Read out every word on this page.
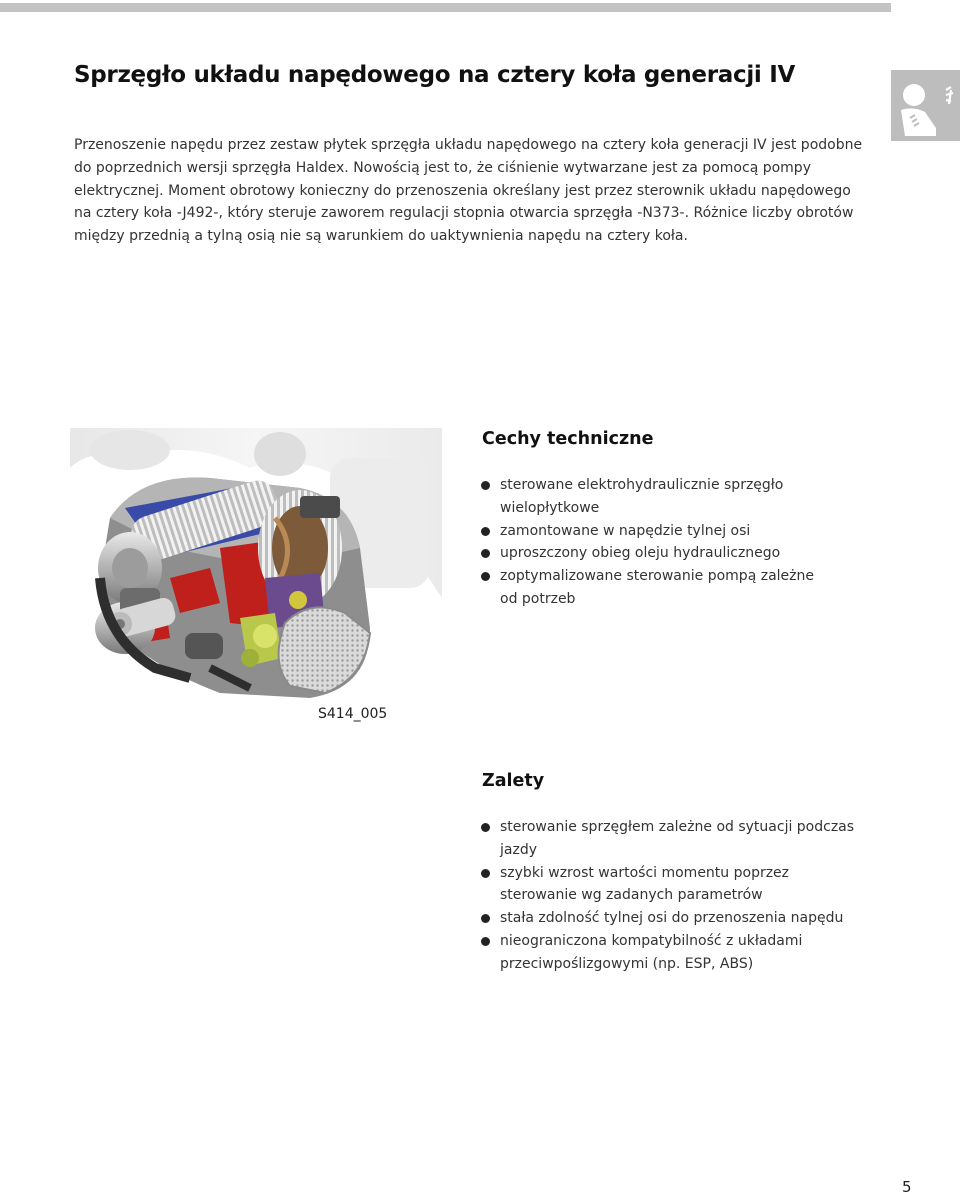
Sprzęgło układu napędowego na cztery koła generacji IV

Przenoszenie napędu przez zestaw płytek sprzęgła układu napędowego na cztery koła generacji IV jest podobne
do poprzednich wersji sprzęgła Haldex. Nowością jest to, że ciśnienie wytwarzane jest za pomocą pompy
elektrycznej. Moment obrotowy konieczny do przenoszenia określany jest przez sterownik układu napędowego
na cztery koła -J492-, który steruje zaworem regulacji stopnia otwarcia sprzęgła -N373-. Różnice liczby obrotów
między przednią a tylną osią nie są warunkiem do uaktywnienia napędu na cztery koła.

S414_005

Cechy techniczne
sterowane elektrohydraulicznie sprzęgło
wielopłytkowe
zamontowane w napędzie tylnej osi
uproszczony obieg oleju hydraulicznego
zoptymalizowane sterowanie pompą zależne
od potrzeb
Zalety
sterowanie sprzęgłem zależne od sytuacji podczas
jazdy
szybki wzrost wartości momentu poprzez
sterowanie wg zadanych parametrów
stała zdolność tylnej osi do przenoszenia napędu
nieograniczona kompatybilność z układami
przeciwpoślizgowymi (np. ESP, ABS)

5
